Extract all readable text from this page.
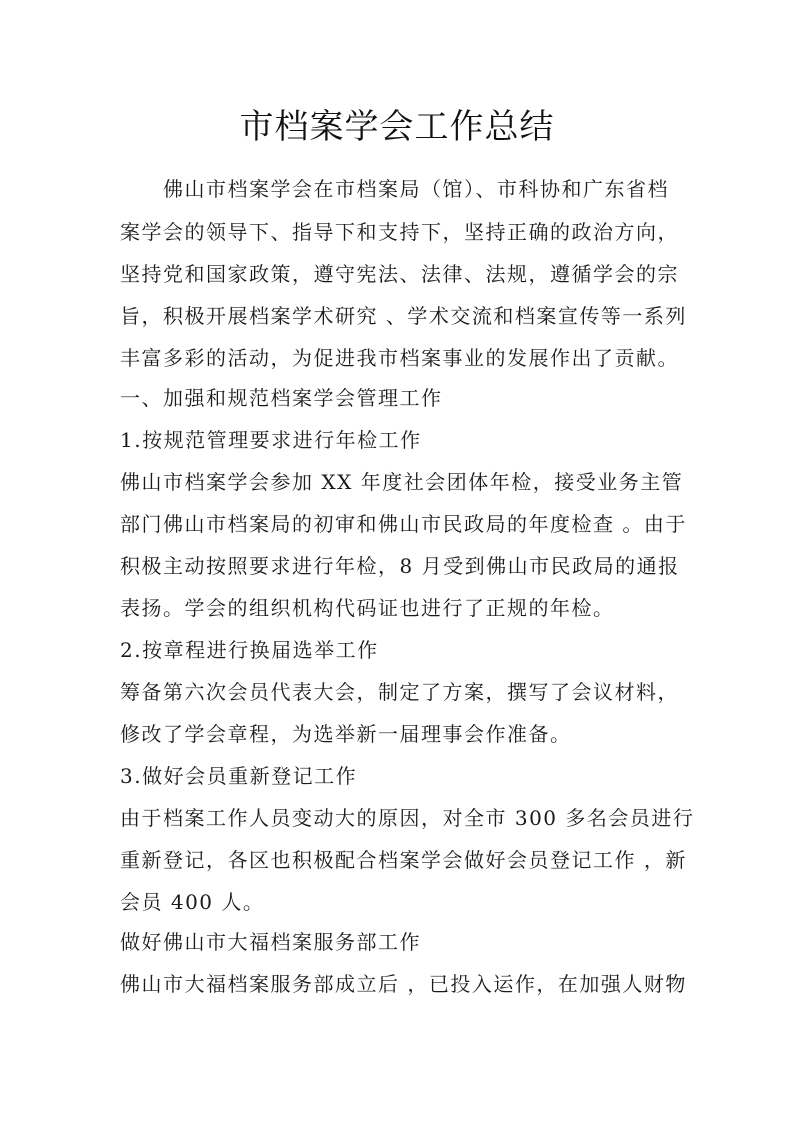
市档案学会工作总结
佛山市档案学会在市档案局（馆）、市科协和广东省档
案学会的领导下、指导下和支持下，坚持正确的政治方向，
坚持党和国家政策，遵守宪法、法律、法规，遵循学会的宗
旨，积极开展档案学术研究 、学术交流和档案宣传等一系列
丰富多彩的活动，为促进我市档案事业的发展作出了贡献。
一、加强和规范档案学会管理工作
1.按规范管理要求进行年检工作
佛山市档案学会参加 XX 年度社会团体年检，接受业务主管
部门佛山市档案局的初审和佛山市民政局的年度检查 。由于
积极主动按照要求进行年检，8 月受到佛山市民政局的通报
表扬。学会的组织机构代码证也进行了正规的年检。
2.按章程进行换届选举工作
筹备第六次会员代表大会，制定了方案，撰写了会议材料，
修改了学会章程，为选举新一届理事会作准备。
3.做好会员重新登记工作
由于档案工作人员变动大的原因，对全市 300 多名会员进行
重新登记，各区也积极配合档案学会做好会员登记工作 ，新
会员 400 人。
做好佛山市大福档案服务部工作
佛山市大福档案服务部成立后 ，已投入运作，在加强人财物
